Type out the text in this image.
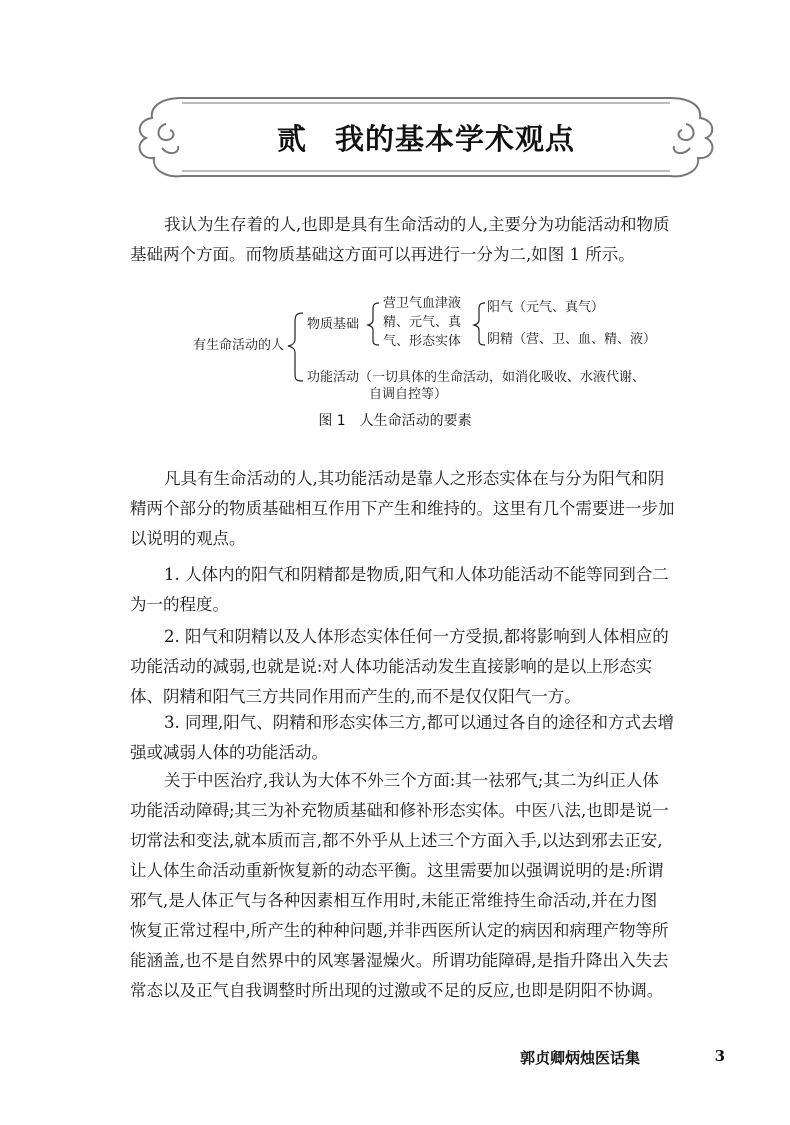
贰 我的基本学术观点

我认为生存着的人,也即是具有生命活动的人,主要分为功能活动和物质
基础两个方面。而物质基础这方面可以再进行一分为二,如图 1 所示。

有生命活动的人
物质基础
营卫气血津液
精、元气、真
气、形态实体
阳气（元气、真气）
阴精（营、卫、血、精、液）
功能活动（一切具体的生命活动，如消化吸收、水液代谢、
自调自控等）
图 1 人生命活动的要素

凡具有生命活动的人,其功能活动是靠人之形态实体在与分为阳气和阴
精两个部分的物质基础相互作用下产生和维持的。这里有几个需要进一步加
以说明的观点。

1. 人体内的阳气和阴精都是物质,阳气和人体功能活动不能等同到合二
为一的程度。

2. 阳气和阴精以及人体形态实体任何一方受损,都将影响到人体相应的
功能活动的减弱,也就是说:对人体功能活动发生直接影响的是以上形态实
体、阴精和阳气三方共同作用而产生的,而不是仅仅阳气一方。

3. 同理,阳气、阴精和形态实体三方,都可以通过各自的途径和方式去增
强或减弱人体的功能活动。

关于中医治疗,我认为大体不外三个方面:其一祛邪气;其二为纠正人体
功能活动障碍;其三为补充物质基础和修补形态实体。中医八法,也即是说一
切常法和变法,就本质而言,都不外乎从上述三个方面入手,以达到邪去正安,
让人体生命活动重新恢复新的动态平衡。这里需要加以强调说明的是:所谓
邪气,是人体正气与各种因素相互作用时,未能正常维持生命活动,并在力图
恢复正常过程中,所产生的种种问题,并非西医所认定的病因和病理产物等所
能涵盖,也不是自然界中的风寒暑湿燥火。所谓功能障碍,是指升降出入失去
常态以及正气自我调整时所出现的过激或不足的反应,也即是阴阳不协调。

郭贞卿炳烛医话集	3
